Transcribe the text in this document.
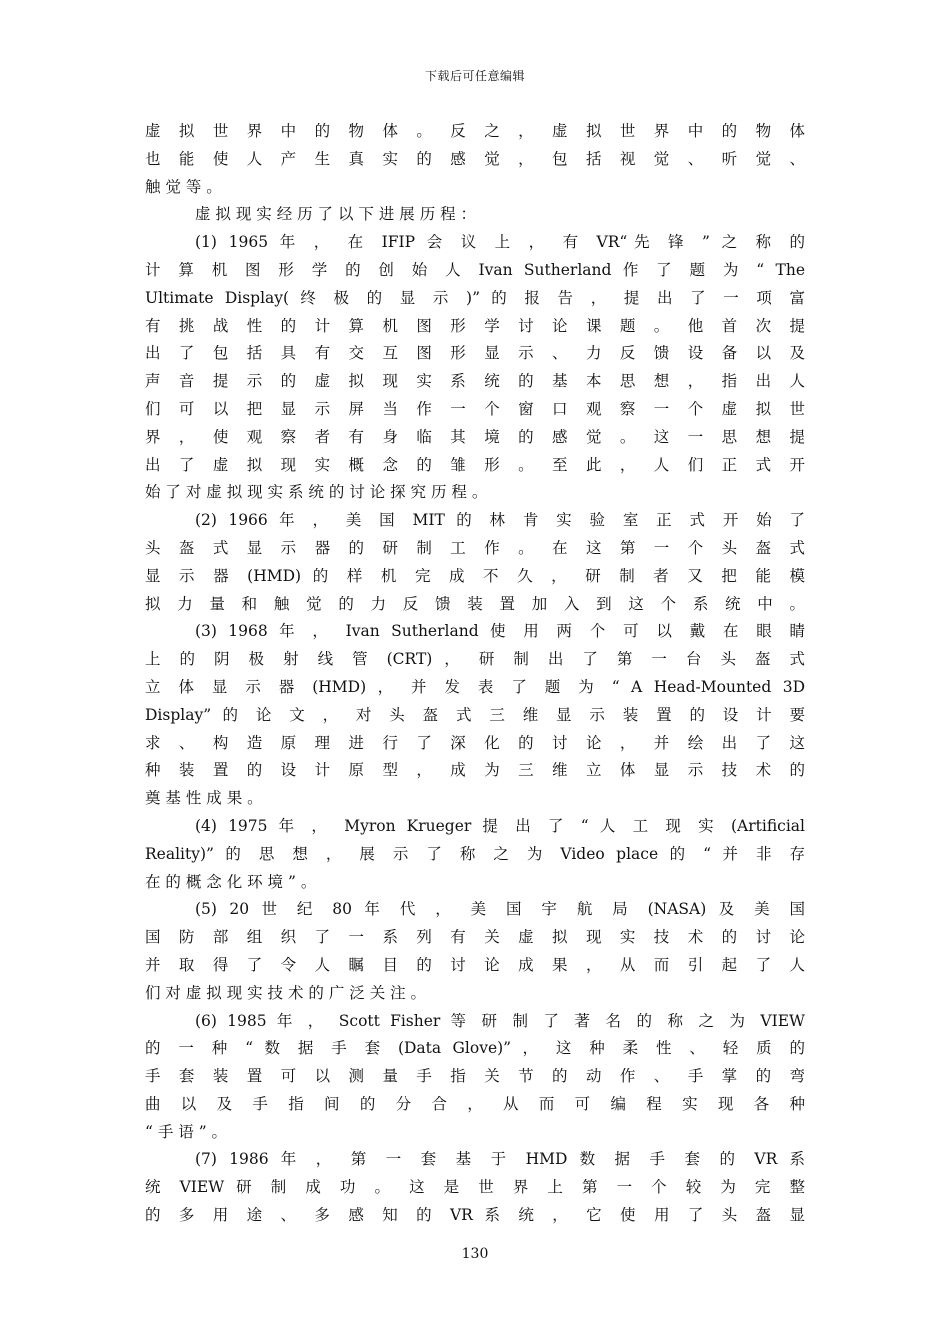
下载后可任意编辑
虚 拟 世 界 中 的 物 体 。 反 之 ， 虚 拟 世 界 中 的 物 体
也 能 使 人 产 生 真 实 的 感 觉 ， 包 括 视 觉 、 听 觉 、
触 觉 等 。
虚 拟 现 实 经 历 了 以 下 进 展 历 程 ：
(1) 1965 年 ， 在 IFIP 会 议 上 ， 有 VR“先 锋 ” 之 称 的
计 算 机 图 形 学 的 创 始 人 Ivan Sutherland 作 了 题 为 “ The
Ultimate Display( 终 极 的 显 示 )” 的 报 告 ， 提 出 了 一 项 富
有 挑 战 性 的 计 算 机 图 形 学 讨 论 课 题 。 他 首 次 提
出 了 包 括 具 有 交 互 图 形 显 示 、 力 反 馈 设 备 以 及
声 音 提 示 的 虚 拟 现 实 系 统 的 基 本 思 想 ， 指 出 人
们 可 以 把 显 示 屏 当 作 一 个 窗 口 观 察 一 个 虚 拟 世
界 ， 使 观 察 者 有 身 临 其 境 的 感 觉 。 这 一 思 想 提
出 了 虚 拟 现 实 概 念 的 雏 形 。 至 此 ， 人 们 正 式 开
始 了 对 虚 拟 现 实 系 统 的 讨 论 探 究 历 程 。
(2) 1966 年 ， 美 国 MIT 的 林 肯 实 验 室 正 式 开 始 了
头 盔 式 显 示 器 的 研 制 工 作 。 在 这 第 一 个 头 盔 式
显 示 器 (HMD) 的 样 机 完 成 不 久 ， 研 制 者 又 把 能 模
拟 力 量 和 触 觉 的 力 反 馈 装 置 加 入 到 这 个 系 统 中 。
(3) 1968 年 ， Ivan Sutherland 使 用 两 个 可 以 戴 在 眼 睛
上 的 阴 极 射 线 管 (CRT) ， 研 制 出 了 第 一 台 头 盔 式
立 体 显 示 器 (HMD) ， 并 发 表 了 题 为 “ A Head-Mounted 3D
Display” 的 论 文 ， 对 头 盔 式 三 维 显 示 装 置 的 设 计 要
求 、 构 造 原 理 进 行 了 深 化 的 讨 论 ， 并 绘 出 了 这
种 装 置 的 设 计 原 型 ， 成 为 三 维 立 体 显 示 技 术 的
奠 基 性 成 果 。
(4) 1975 年 ， Myron Krueger 提 出 了 “ 人 工 现 实 (Artificial
Reality)” 的 思 想 ， 展 示 了 称 之 为 Video place 的 “ 并 非 存
在 的 概 念 化 环 境 ” 。
(5) 20 世 纪 80 年 代 ， 美 国 宇 航 局 (NASA) 及 美 国
国 防 部 组 织 了 一 系 列 有 关 虚 拟 现 实 技 术 的 讨 论
并 取 得 了 令 人 瞩 目 的 讨 论 成 果 ， 从 而 引 起 了 人
们 对 虚 拟 现 实 技 术 的 广 泛 关 注 。
(6) 1985 年 ， Scott Fisher 等 研 制 了 著 名 的 称 之 为 VIEW
的 一 种 “ 数 据 手 套 (Data Glove)” ， 这 种 柔 性 、 轻 质 的
手 套 装 置 可 以 测 量 手 指 关 节 的 动 作 、 手 掌 的 弯
曲 以 及 手 指 间 的 分 合 ， 从 而 可 编 程 实 现 各 种
“ 手 语 ” 。
(7) 1986 年 ， 第 一 套 基 于 HMD 数 据 手 套 的 VR 系
统 VIEW 研 制 成 功 。 这 是 世 界 上 第 一 个 较 为 完 整
的 多 用 途 、 多 感 知 的 VR 系 统 ， 它 使 用 了 头 盔 显
130
